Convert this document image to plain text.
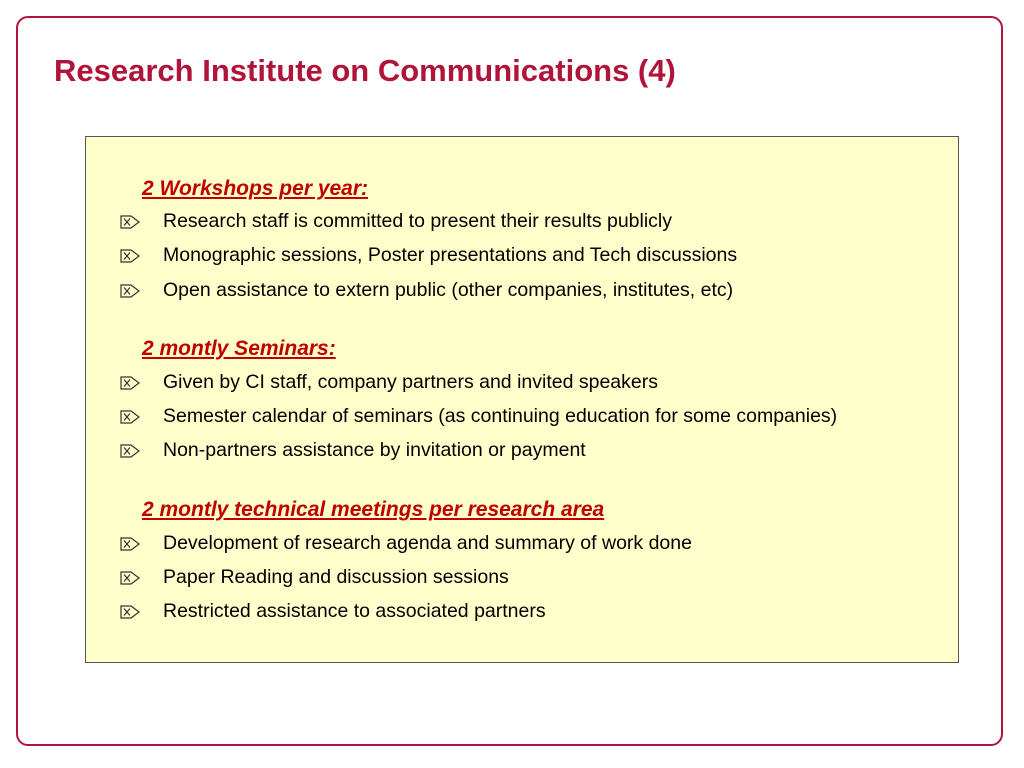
Research Institute on Communications (4)
2 Workshops per year:
Research staff is committed to present their results publicly
Monographic sessions, Poster presentations and Tech discussions
Open assistance to extern public (other companies, institutes, etc)
2 montly Seminars:
Given by CI staff, company partners and invited speakers
Semester calendar of seminars (as continuing education for some companies)
Non-partners assistance by invitation or payment
2 montly technical meetings per research area
Development of research agenda and summary of work done
Paper Reading and discussion sessions
Restricted assistance to associated partners
